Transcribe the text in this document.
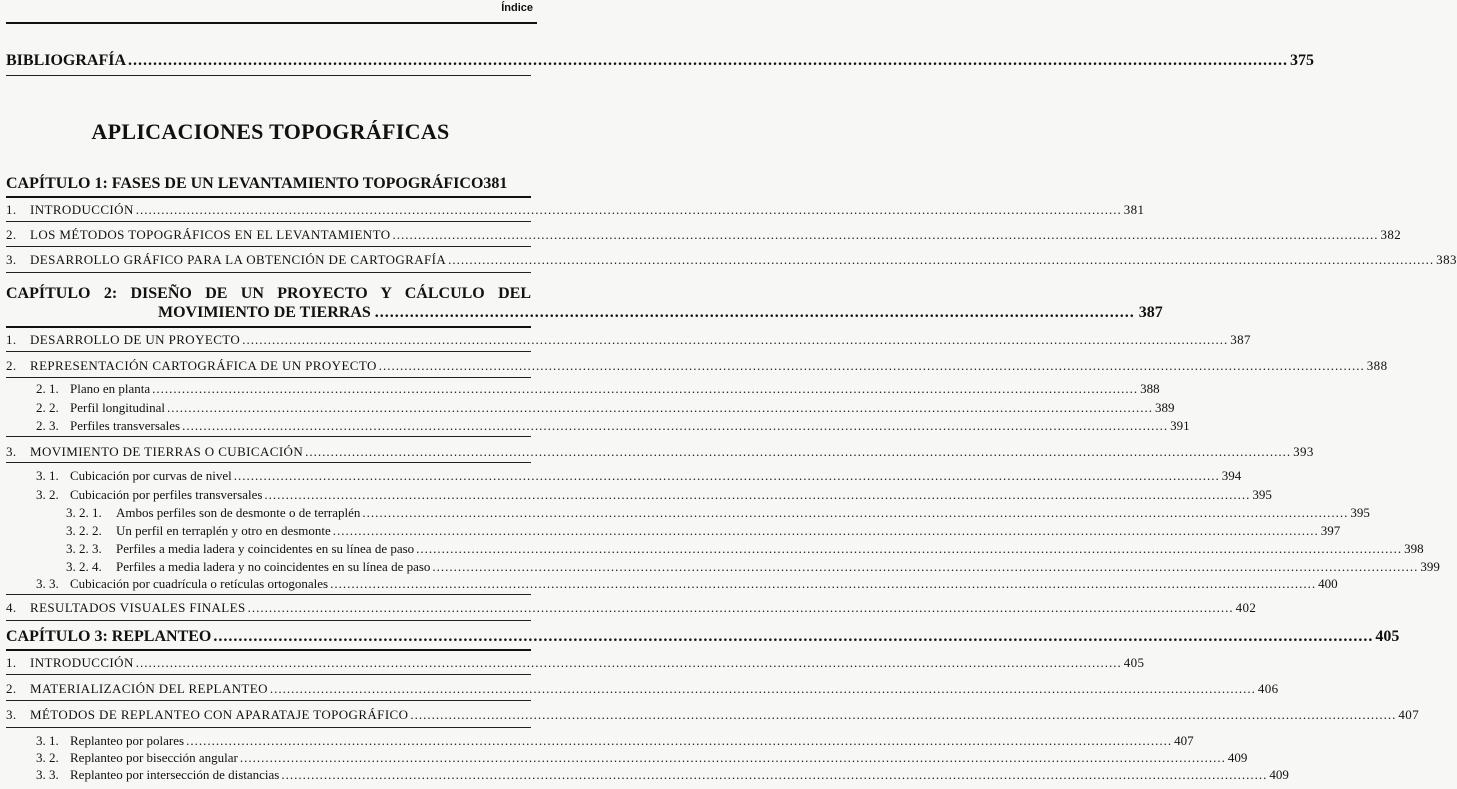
Índice
BIBLIOGRAFÍA .....	375
APLICACIONES TOPOGRÁFICAS
CAPÍTULO 1: FASES DE UN LEVANTAMIENTO TOPOGRÁFICO 381
1.	INTRODUCCIÓN .....	381
2.	LOS MÉTODOS TOPOGRÁFICOS EN EL LEVANTAMIENTO .....	382
3.	DESARROLLO GRÁFICO PARA LA OBTENCIÓN DE CARTOGRAFÍA .....	383
CAPÍTULO 2: DISEÑO DE UN PROYECTO Y CÁLCULO DEL
MOVIMIENTO DE TIERRAS .....	387
1.	DESARROLLO DE UN PROYECTO .....	387
2.	REPRESENTACIÓN CARTOGRÁFICA DE UN PROYECTO .....	388
2. 1. Plano en planta .....	388
2. 2. Perfil longitudinal .....	389
2. 3. Perfiles transversales .....	391
3.	MOVIMIENTO DE TIERRAS O CUBICACIÓN .....	393
3. 1. Cubicación por curvas de nivel .....	394
3. 2. Cubicación por perfiles transversales .....	395
3. 2. 1.	Ambos perfiles son de desmonte o de terraplén .....	395
3. 2. 2.	Un perfil en terraplén y otro en desmonte .....	397
3. 2. 3.	Perfiles a media ladera y coincidentes en su línea de paso .....	398
3. 2. 4.	Perfiles a media ladera y no coincidentes en su línea de paso .....	399
3. 3. Cubicación por cuadrícula o retículas ortogonales .....	400
4.	RESULTADOS VISUALES FINALES .....	402
CAPÍTULO 3: REPLANTEO .....	405
1.	INTRODUCCIÓN .....	405
2.	MATERIALIZACIÓN DEL REPLANTEO .....	406
3.	MÉTODOS DE REPLANTEO CON APARATAJE TOPOGRÁFICO .....	407
3. 1. Replanteo por polares .....	407
3. 2. Replanteo por bisección angular .....	409
3. 3. Replanteo por intersección de distancias .....	409
